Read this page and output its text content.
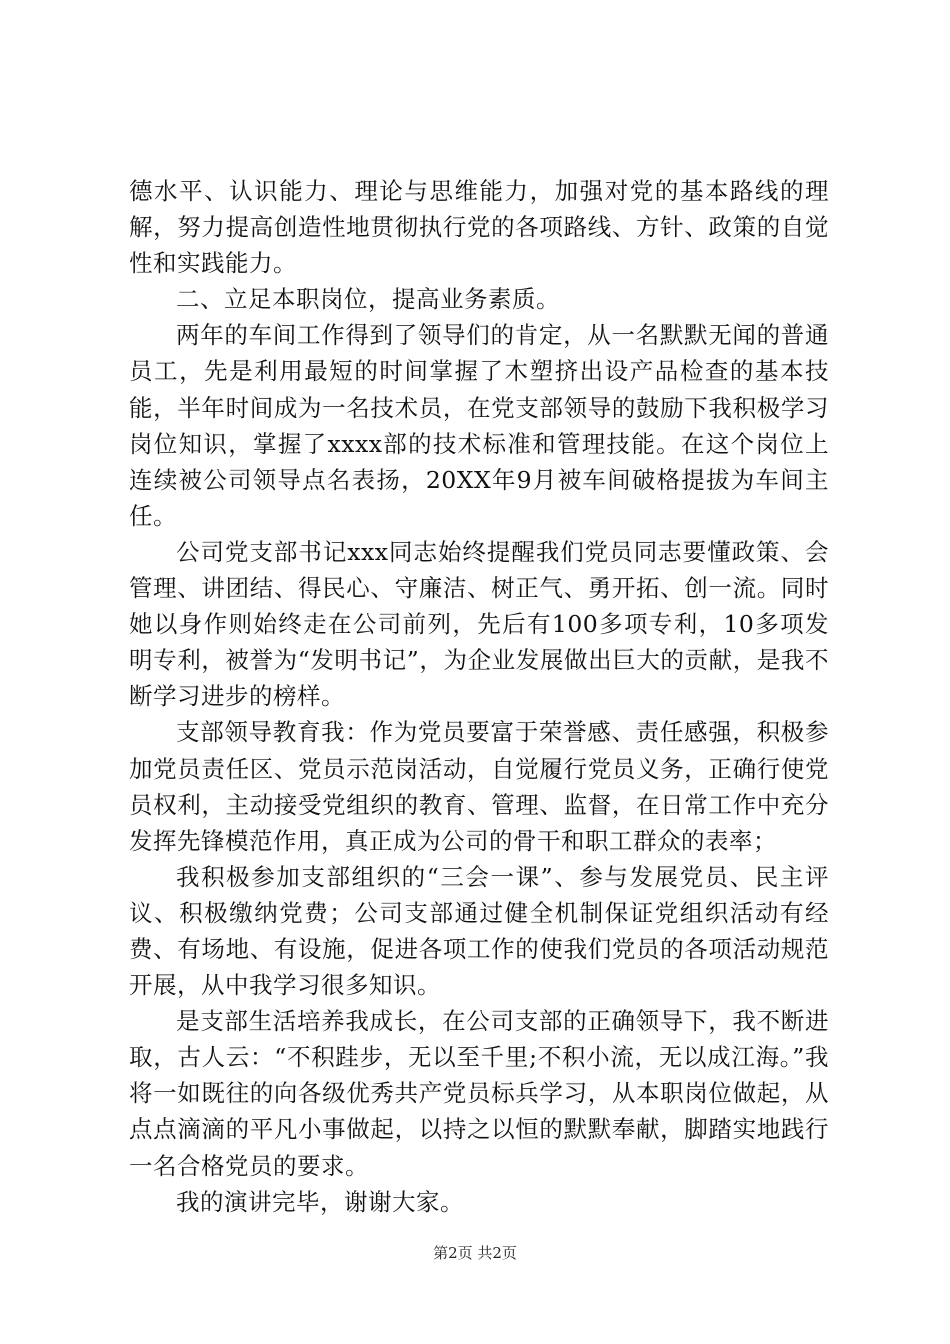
德水平、认识能力、理论与思维能力，加强对党的基本路线的理解，努力提高创造性地贯彻执行党的各项路线、方针、政策的自觉性和实践能力。

二、立足本职岗位，提高业务素质。

两年的车间工作得到了领导们的肯定，从一名默默无闻的普通员工，先是利用最短的时间掌握了木塑挤出设产品检查的基本技能，半年时间成为一名技术员，在党支部领导的鼓励下我积极学习岗位知识，掌握了xxxx部的技术标准和管理技能。在这个岗位上连续被公司领导点名表扬，20XX年9月被车间破格提拔为车间主任。

公司党支部书记xxx同志始终提醒我们党员同志要懂政策、会管理、讲团结、得民心、守廉洁、树正气、勇开拓、创一流。同时她以身作则始终走在公司前列，先后有100多项专利，10多项发明专利，被誉为“发明书记”，为企业发展做出巨大的贡献，是我不断学习进步的榜样。

支部领导教育我：作为党员要富于荣誉感、责任感强，积极参加党员责任区、党员示范岗活动，自觉履行党员义务，正确行使党员权利，主动接受党组织的教育、管理、监督，在日常工作中充分发挥先锋模范作用，真正成为公司的骨干和职工群众的表率；

我积极参加支部组织的“三会一课”、参与发展党员、民主评议、积极缴纳党费；公司支部通过健全机制保证党组织活动有经费、有场地、有设施，促进各项工作的使我们党员的各项活动规范开展，从中我学习很多知识。

是支部生活培养我成长，在公司支部的正确领导下，我不断进取，古人云：“不积跬步，无以至千里;不积小流，无以成江海。”我将一如既往的向各级优秀共产党员标兵学习，从本职岗位做起，从点点滴滴的平凡小事做起，以持之以恒的默默奉献，脚踏实地践行一名合格党员的要求。

我的演讲完毕，谢谢大家。

第2页 共2页
